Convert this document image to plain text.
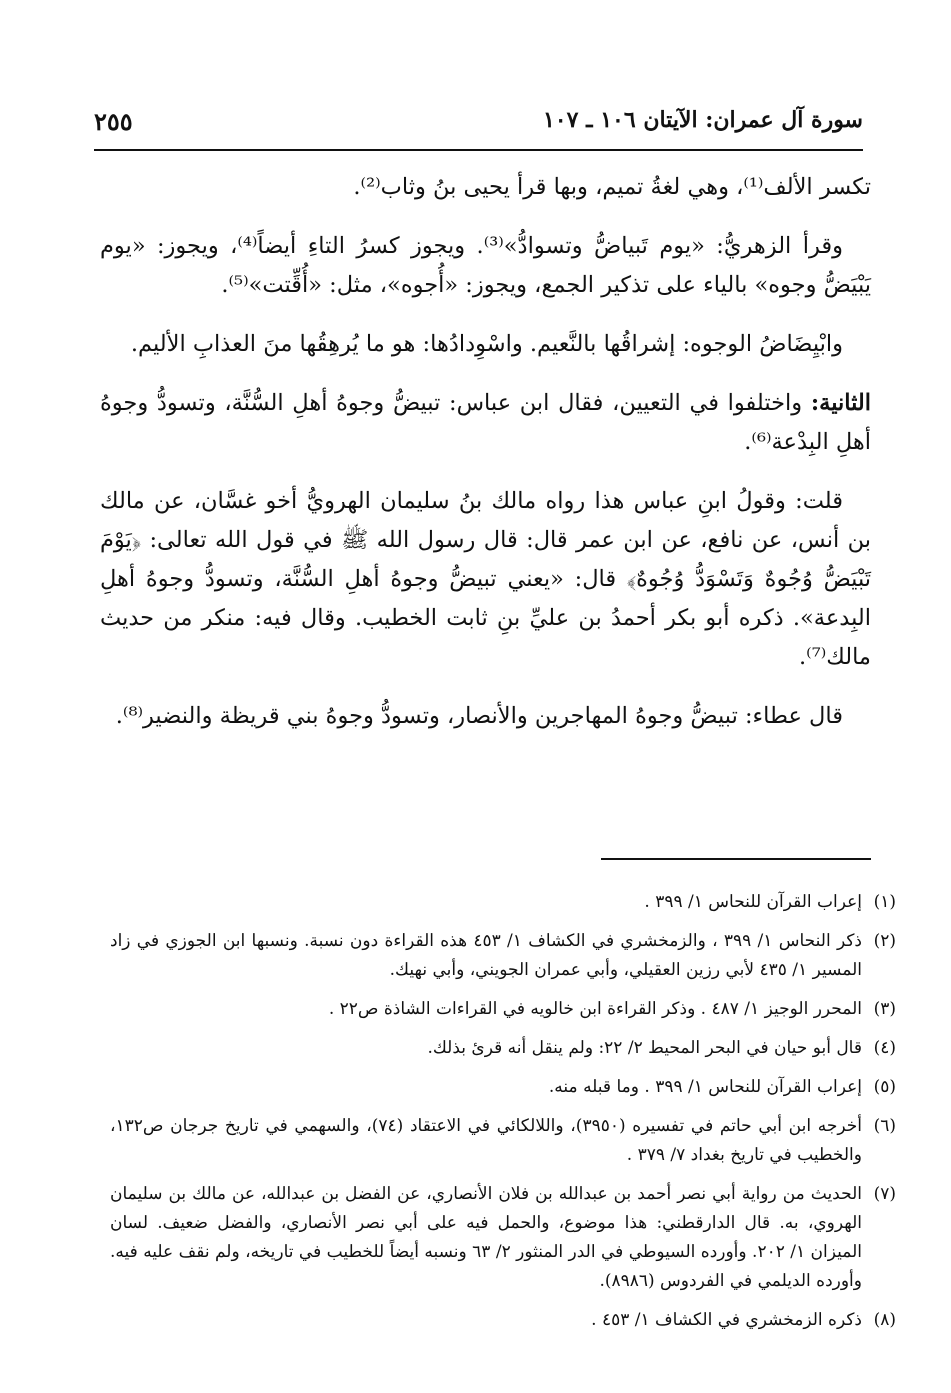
سورة آل عمران: الآيتان ١٠٦ ـ ١٠٧
٢٥٥

تكسر الألف⁽¹⁾، وهي لغةُ تميم، وبها قرأ يحيى بنُ وثاب⁽²⁾.

وقرأ الزهريُّ: «يوم تَبياضُّ وتسوادُّ»⁽³⁾. ويجوز كسرُ التاءِ أيضاً⁽⁴⁾، ويجوز: «يوم يَبْيَضُّ وجوه» بالياء على تذكير الجمع، ويجوز: «أُجوه»، مثل: «أُقِّتت»⁽⁵⁾.

وابْيِضَاضُ الوجوه: إشراقُها بالنَّعيم. واسْوِدادُها: هو ما يُرهِقُها منَ العذابِ الأليم.

الثانية: واختلفوا في التعيين، فقال ابن عباس: تبيضُّ وجوهُ أهلِ السُّنَّة، وتسودُّ وجوهُ أهلِ البِدْعة⁽⁶⁾.

قلت: وقولُ ابنِ عباس هذا رواه مالك بنُ سليمان الهرويُّ أخو غسَّان، عن مالك بن أنس، عن نافع، عن ابن عمر قال: قال رسول الله ﷺ في قول الله تعالى: ﴿يَوْمَ تَبْيَضُّ وُجُوهٌ وَتَسْوَدُّ وُجُوهٌ﴾ قال: «يعني تبيضُّ وجوهُ أهلِ السُّنَّة، وتسودُّ وجوهُ أهلِ البِدعة». ذكره أبو بكر أحمدُ بن عليِّ بنِ ثابت الخطيب. وقال فيه: منكر من حديث مالك⁽⁷⁾.

قال عطاء: تبيضُّ وجوهُ المهاجرين والأنصار، وتسودُّ وجوهُ بني قريظة والنضير⁽⁸⁾.

(١)
إعراب القرآن للنحاس ١/ ٣٩٩ .
(٢)
ذكر النحاس ١/ ٣٩٩ ، والزمخشري في الكشاف ١/ ٤٥٣ هذه القراءة دون نسبة. ونسبها ابن الجوزي في زاد المسير ١/ ٤٣٥ لأبي رزين العقيلي، وأبي عمران الجويني، وأبي نهيك.
(٣)
المحرر الوجيز ١/ ٤٨٧ . وذكر القراءة ابن خالويه في القراءات الشاذة ص٢٢ .
(٤)
قال أبو حيان في البحر المحيط ٢/ ٢٢: ولم ينقل أنه قرئ بذلك.
(٥)
إعراب القرآن للنحاس ١/ ٣٩٩ . وما قبله منه.
(٦)
أخرجه ابن أبي حاتم في تفسيره (٣٩٥٠)، واللالكائي في الاعتقاد (٧٤)، والسهمي في تاريخ جرجان ص١٣٢، والخطيب في تاريخ بغداد ٧/ ٣٧٩ .
(٧)
الحديث من رواية أبي نصر أحمد بن عبدالله بن فلان الأنصاري، عن الفضل بن عبدالله، عن مالك بن سليمان الهروي، به. قال الدارقطني: هذا موضوع، والحمل فيه على أبي نصر الأنصاري، والفضل ضعيف. لسان الميزان ١/ ٢٠٢. وأورده السيوطي في الدر المنثور ٢/ ٦٣ ونسبه أيضاً للخطيب في تاريخه، ولم نقف عليه فيه. وأورده الديلمي في الفردوس (٨٩٨٦).
(٨)
ذكره الزمخشري في الكشاف ١/ ٤٥٣ .
